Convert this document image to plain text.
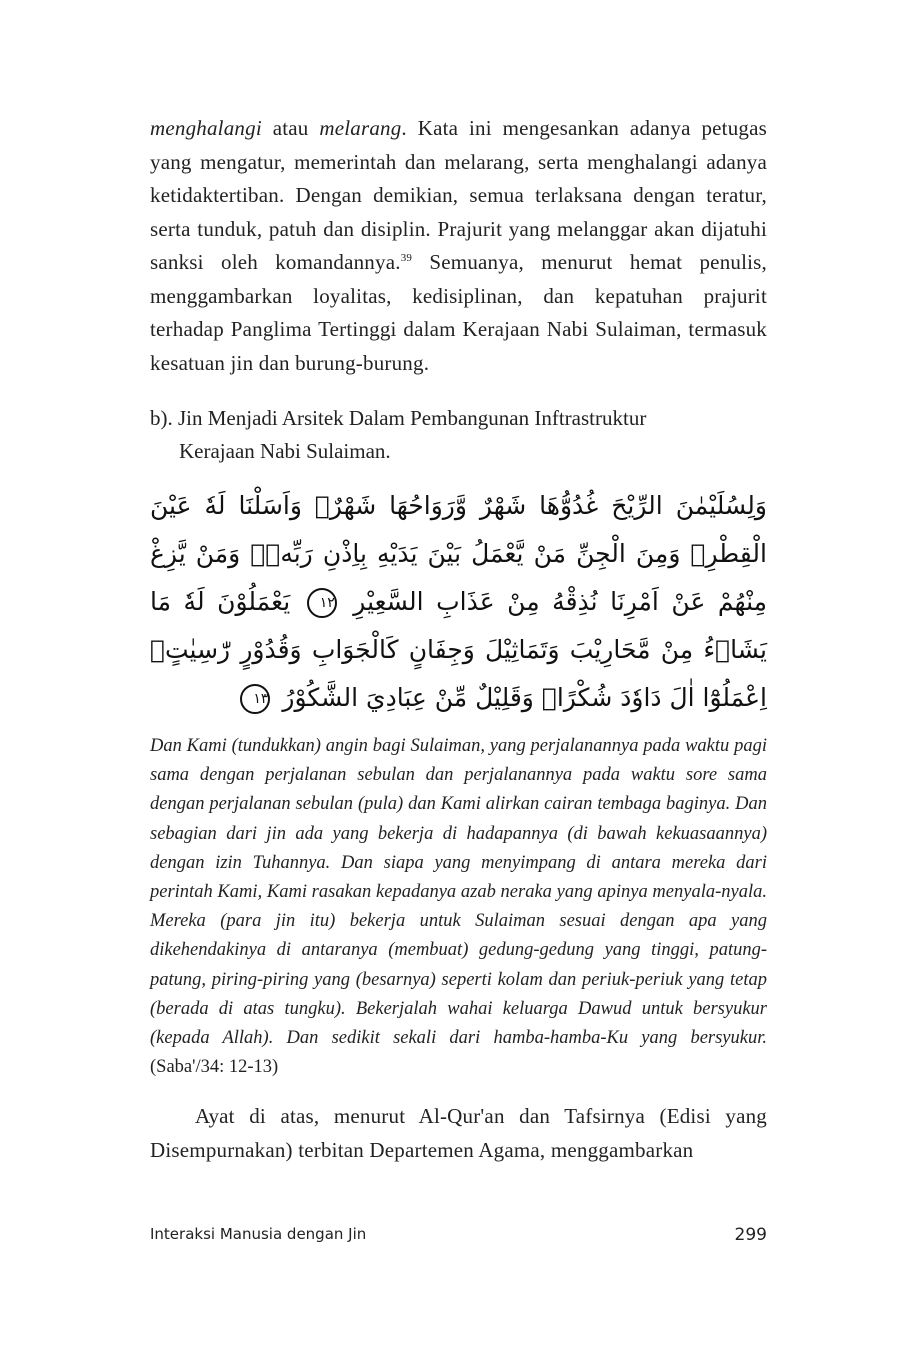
menghalangi atau melarang. Kata ini mengesankan adanya petugas yang mengatur, memerintah dan melarang, serta menghalangi adanya ketidaktertiban. Dengan demikian, semua terlaksana dengan teratur, serta tunduk, patuh dan disiplin. Prajurit yang melanggar akan dijatuhi sanksi oleh komandannya.$^{39}$ Semuanya, menurut hemat penulis, menggambarkan loyalitas, kedisiplinan, dan kepatuhan prajurit terhadap Panglima Tertinggi dalam Kerajaan Nabi Sulaiman, termasuk kesatuan jin dan burung-burung.

b). Jin Menjadi Arsitek Dalam Pembangunan Inftrastruktur
Kerajaan Nabi Sulaiman.
وَلِسُلَيْمٰنَ الرِّيْحَ غُدُوُّهَا شَهْرٌ وَّرَوَاحُهَا شَهْرٌۚ وَاَسَلْنَا لَهٗ عَيْنَ الْقِطْرِۗ وَمِنَ الْجِنِّ مَنْ يَّعْمَلُ بَيْنَ يَدَيْهِ بِاِذْنِ رَبِّهٖۗ وَمَنْ يَّزِغْ مِنْهُمْ عَنْ اَمْرِنَا نُذِقْهُ مِنْ عَذَابِ السَّعِيْرِ ١٢ يَعْمَلُوْنَ لَهٗ مَا يَشَاۤءُ مِنْ مَّحَارِيْبَ وَتَمَاثِيْلَ وَجِفَانٍ كَالْجَوَابِ وَقُدُوْرٍ رّٰسِيٰتٍۗ اِعْمَلُوْٓا اٰلَ دَاوٗدَ شُكْرًاۗ وَقَلِيْلٌ مِّنْ عِبَادِيَ الشَّكُوْرُ ١٣
Dan Kami (tundukkan) angin bagi Sulaiman, yang perjalanannya pada waktu pagi sama dengan perjalanan sebulan dan perjalanannya pada waktu sore sama dengan perjalanan sebulan (pula) dan Kami alirkan cairan tembaga baginya. Dan sebagian dari jin ada yang bekerja di hadapannya (di bawah kekuasaannya) dengan izin Tuhannya. Dan siapa yang menyimpang di antara mereka dari perintah Kami, Kami rasakan kepadanya azab neraka yang apinya menyala-nyala. Mereka (para jin itu) bekerja untuk Sulaiman sesuai dengan apa yang dikehendakinya di antaranya (membuat) gedung-gedung yang tinggi, patung-patung, piring-piring yang (besarnya) seperti kolam dan periuk-periuk yang tetap (berada di atas tungku). Bekerjalah wahai keluarga Dawud untuk bersyukur (kepada Allah). Dan sedikit sekali dari hamba-hamba-Ku yang bersyukur. (Saba'/34: 12-13)

Ayat di atas, menurut Al-Qur'an dan Tafsirnya (Edisi yang Disempurnakan) terbitan Departemen Agama, menggambarkan

Interaksi Manusia dengan Jin	299
